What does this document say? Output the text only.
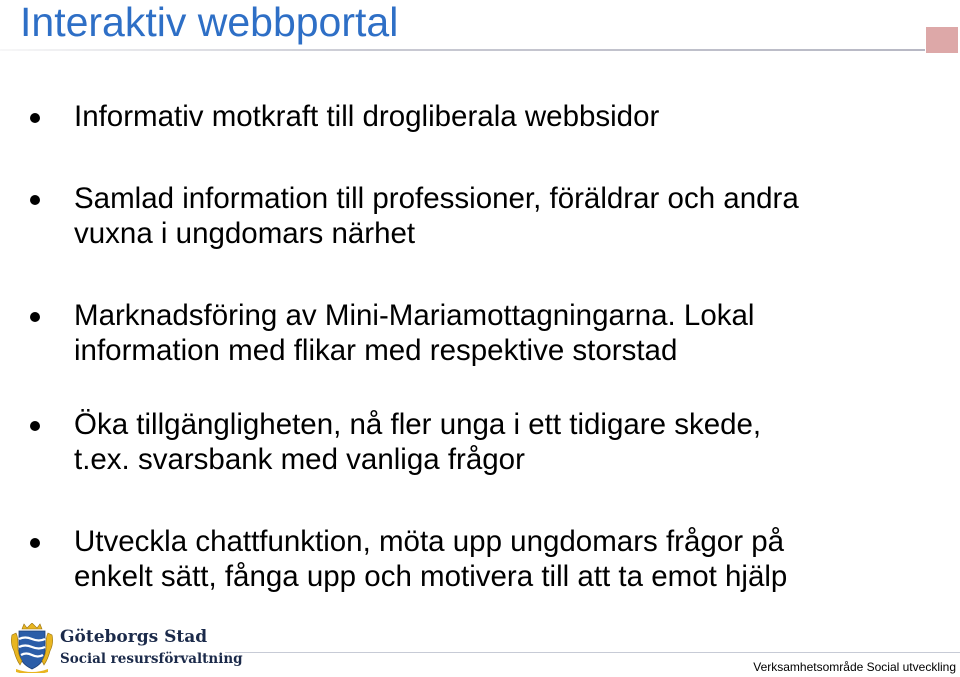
Interaktiv webbportal
Informativ motkraft till drogliberala webbsidor
Samlad information till professioner, föräldrar och andra
vuxna i ungdomars närhet
Marknadsföring av Mini-Mariamottagningarna. Lokal
information med flikar med respektive storstad
Öka tillgängligheten, nå fler unga i ett tidigare skede,
t.ex. svarsbank med vanliga frågor
Utveckla chattfunktion, möta upp ungdomars frågor på
enkelt sätt, fånga upp och motivera till att ta emot hjälp
Göteborgs Stad
Social resursförvaltning	Verksamhetsområde Social utveckling
